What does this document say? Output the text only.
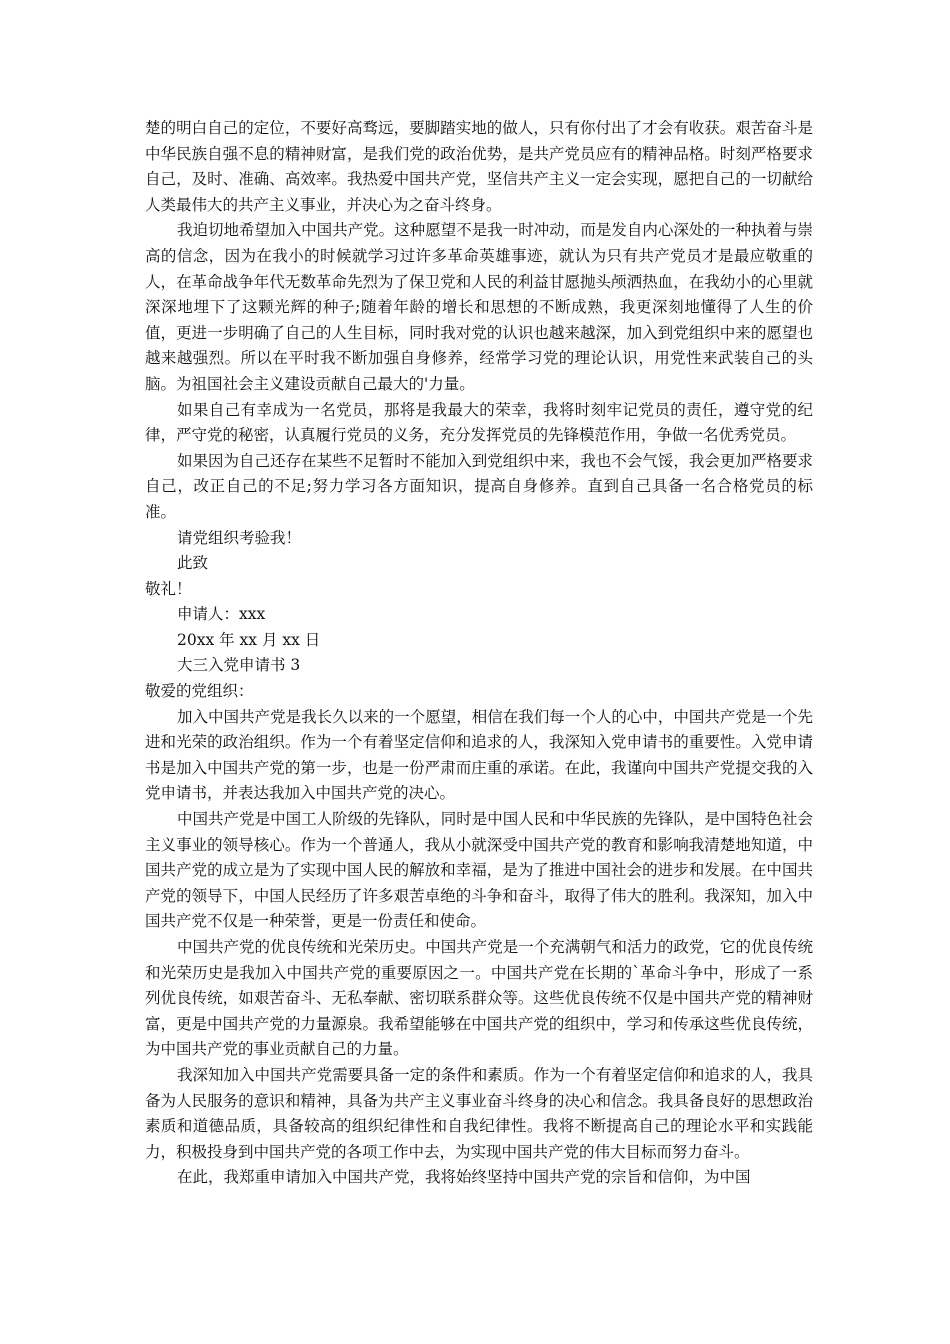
楚的明白自己的定位，不要好高骛远，要脚踏实地的做人，只有你付出了才会有收获。艰苦奋斗是中华民族自强不息的精神财富，是我们党的政治优势，是共产党员应有的精神品格。时刻严格要求自己，及时、准确、高效率。我热爱中国共产党，坚信共产主义一定会实现，愿把自己的一切献给人类最伟大的共产主义事业，并决心为之奋斗终身。

我迫切地希望加入中国共产党。这种愿望不是我一时冲动，而是发自内心深处的一种执着与崇高的信念，因为在我小的时候就学习过许多革命英雄事迹，就认为只有共产党员才是最应敬重的人，在革命战争年代无数革命先烈为了保卫党和人民的利益甘愿抛头颅洒热血，在我幼小的心里就深深地埋下了这颗光辉的种子;随着年龄的增长和思想的不断成熟，我更深刻地懂得了人生的价值，更进一步明确了自己的人生目标，同时我对党的认识也越来越深，加入到党组织中来的愿望也越来越强烈。所以在平时我不断加强自身修养，经常学习党的理论认识，用党性来武装自己的头脑。为祖国社会主义建设贡献自己最大的'力量。

如果自己有幸成为一名党员，那将是我最大的荣幸，我将时刻牢记党员的责任，遵守党的纪律，严守党的秘密，认真履行党员的义务，充分发挥党员的先锋模范作用，争做一名优秀党员。

如果因为自己还存在某些不足暂时不能加入到党组织中来，我也不会气馁，我会更加严格要求自己，改正自己的不足;努力学习各方面知识，提高自身修养。直到自己具备一名合格党员的标准。

请党组织考验我！

此致

敬礼！

申请人：xxx

20xx 年 xx 月 xx 日

大三入党申请书 3

敬爱的党组织：

加入中国共产党是我长久以来的一个愿望，相信在我们每一个人的心中，中国共产党是一个先进和光荣的政治组织。作为一个有着坚定信仰和追求的人，我深知入党申请书的重要性。入党申请书是加入中国共产党的第一步，也是一份严肃而庄重的承诺。在此，我谨向中国共产党提交我的入党申请书，并表达我加入中国共产党的决心。

中国共产党是中国工人阶级的先锋队，同时是中国人民和中华民族的先锋队，是中国特色社会主义事业的领导核心。作为一个普通人，我从小就深受中国共产党的教育和影响我清楚地知道，中国共产党的成立是为了实现中国人民的解放和幸福，是为了推进中国社会的进步和发展。在中国共产党的领导下，中国人民经历了许多艰苦卓绝的斗争和奋斗，取得了伟大的胜利。我深知，加入中国共产党不仅是一种荣誉，更是一份责任和使命。

中国共产党的优良传统和光荣历史。中国共产党是一个充满朝气和活力的政党，它的优良传统和光荣历史是我加入中国共产党的重要原因之一。中国共产党在长期的`革命斗争中，形成了一系列优良传统，如艰苦奋斗、无私奉献、密切联系群众等。这些优良传统不仅是中国共产党的精神财富，更是中国共产党的力量源泉。我希望能够在中国共产党的组织中，学习和传承这些优良传统，为中国共产党的事业贡献自己的力量。

我深知加入中国共产党需要具备一定的条件和素质。作为一个有着坚定信仰和追求的人，我具备为人民服务的意识和精神，具备为共产主义事业奋斗终身的决心和信念。我具备良好的思想政治素质和道德品质，具备较高的组织纪律性和自我纪律性。我将不断提高自己的理论水平和实践能力，积极投身到中国共产党的各项工作中去，为实现中国共产党的伟大目标而努力奋斗。

在此，我郑重申请加入中国共产党，我将始终坚持中国共产党的宗旨和信仰，为中国
